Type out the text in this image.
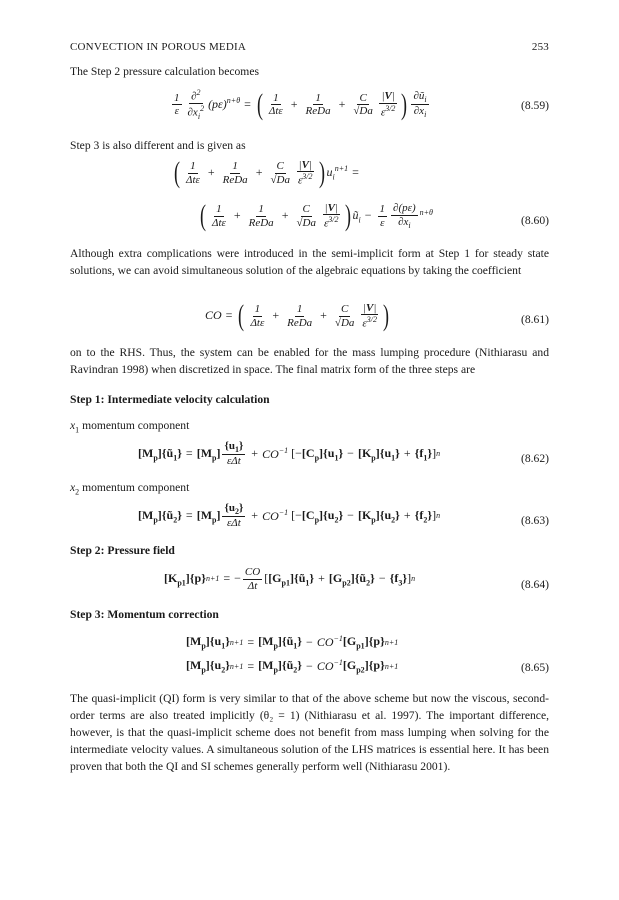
CONVECTION IN POROUS MEDIA	253
The Step 2 pressure calculation becomes
$\frac{1}{\varepsilon} \frac{\partial^2}{\partial x_i^2} (p\varepsilon)^{n+\theta}$ = ( $\frac{1}{\text{Δtε}} + \frac{1}{\text{ReDa}} + \frac{C}{√Da} \frac{|V|}{\varepsilon^{3/2}}$ ) $\frac{\partial ũ_i}{\partial x_i}$	(8.59)
Step 3 is also different and is given as
( $\frac{1}{\text{Δtε}} + \frac{1}{\text{ReDa}} + \frac{C}{√Da} \frac{|V|}{\varepsilon^{3/2}}$ ) $u_i^{n+1}$ =
( $\frac{1}{\text{Δtε}} + \frac{1}{\text{ReDa}} + \frac{C}{√Da} \frac{|V|}{\varepsilon^{3/2}}$ ) $ũ_i - \frac{1}{\varepsilon} \frac{\partial(p\varepsilon)}{\partial x_i} ^{n+\theta}$
(8.60)
Although extra complications were introduced in the semi-implicit form at Step 1 for steady state solutions, we can avoid simultaneous solution of the algebraic equations by taking the coefficient
CO = ( $\frac{1}{\text{Δtε}} + \frac{1}{\text{ReDa}} + \frac{C}{√Da} \frac{|V|}{\varepsilon^{3/2}}$ )	(8.61)
on to the RHS. Thus, the system can be enabled for the mass lumping procedure (Nithiarasu and Ravindran 1998) when discretized in space. The final matrix form of the three steps are
Step 1: Intermediate velocity calculation
$x_1$ momentum component
$[M_p]\{ũ_1\} = [M_p] \frac{\{u_1\}}{\text{εΔt}} + CO^{-1}$ [− $[C_p]\{u_1\} - [K_p]\{u_1\} + \{f_1\}$ ] n	(8.62)
$x_2$ momentum component
$[M_p]\{ũ_2\} = [M_p] \frac{\{u_2\}}{\text{εΔt}} + CO^{-1}$ [− $[C_p]\{u_2\} - [K_p]\{u_2\} + \{f_2\}$ ] n	(8.63)
Step 2: Pressure field
$[K_{p1}]\{p\} n+1$ = − $\frac{CO}{\Delta t}$ [ $[G_{p1}]\{ũ_1\}$ + $[G_{p2}]\{ũ_2\} - \{f_3\}$ ] n	(8.64)
Step 3: Momentum correction
$[M_p]\{u_1\} n+1$ = $[M_p]\{ũ_1\} - CO^{-1}$ $[G_{p1}]\{p\}$ n+1
$[M_p]\{u_2\} n+1$ = $[M_p]\{ũ_2\} - CO^{-1}$ $[G_{p2}]\{p\}$ n+1	(8.65)
The quasi-implicit (QI) form is very similar to that of the above scheme but now the viscous, second-order terms are also treated implicitly (θ₂ = 1) (Nithiarasu et al. 1997). The important difference, however, is that the quasi-implicit scheme does not benefit from mass lumping when solving for the intermediate velocity values. A simultaneous solution of the LHS matrices is essential here. It has been proven that both the QI and SI schemes generally perform well (Nithiarasu 2001).
